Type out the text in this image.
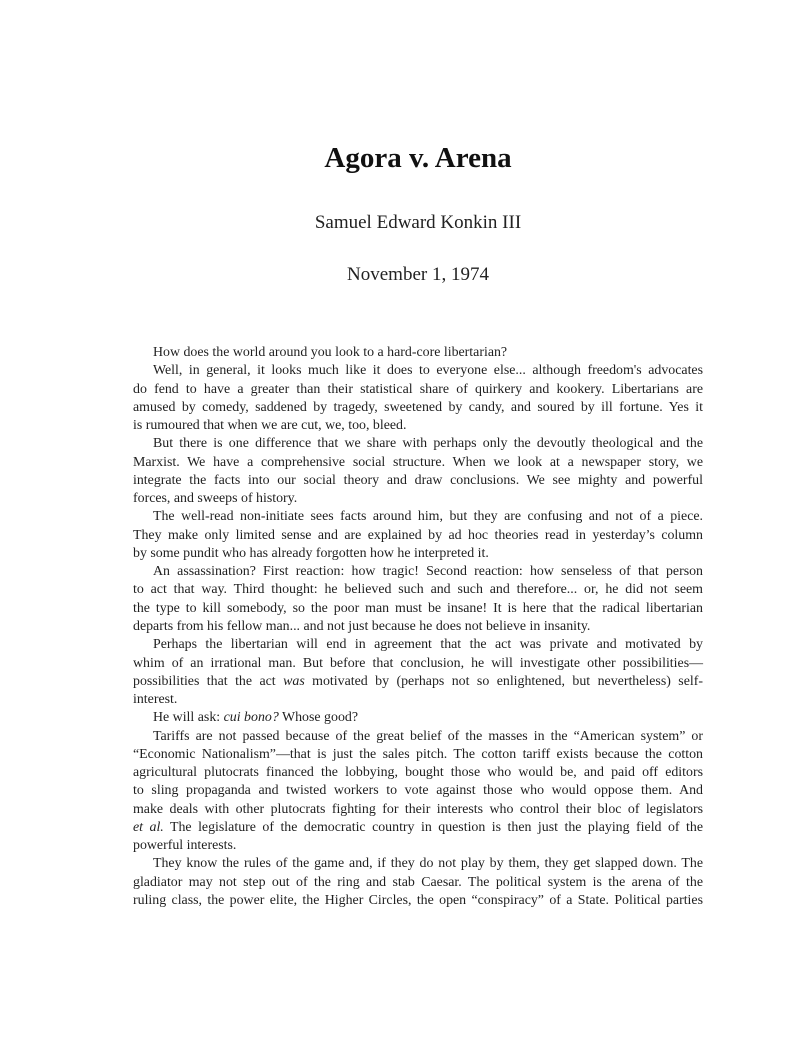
Agora v. Arena
Samuel Edward Konkin III
November 1, 1974
How does the world around you look to a hard-core libertarian?
Well, in general, it looks much like it does to everyone else... although freedom's advocates
do fend to have a greater than their statistical share of quirkery and kookery. Libertarians are
amused by comedy, saddened by tragedy, sweetened by candy, and soured by ill fortune. Yes it
is rumoured that when we are cut, we, too, bleed.
But there is one difference that we share with perhaps only the devoutly theological and the
Marxist. We have a comprehensive social structure. When we look at a newspaper story, we
integrate the facts into our social theory and draw conclusions. We see mighty and powerful
forces, and sweeps of history.
The well-read non-initiate sees facts around him, but they are confusing and not of a piece.
They make only limited sense and are explained by ad hoc theories read in yesterday’s column
by some pundit who has already forgotten how he interpreted it.
An assassination? First reaction: how tragic! Second reaction: how senseless of that person
to act that way. Third thought: he believed such and such and therefore... or, he did not seem
the type to kill somebody, so the poor man must be insane! It is here that the radical libertarian
departs from his fellow man... and not just because he does not believe in insanity.
Perhaps the libertarian will end in agreement that the act was private and motivated by
whim of an irrational man. But before that conclusion, he will investigate other possibilities—
possibilities that the act was motivated by (perhaps not so enlightened, but nevertheless) self-
interest.
He will ask: cui bono? Whose good?
Tariffs are not passed because of the great belief of the masses in the “American system” or
“Economic Nationalism”—that is just the sales pitch. The cotton tariff exists because the cotton
agricultural plutocrats financed the lobbying, bought those who would be, and paid off editors
to sling propaganda and twisted workers to vote against those who would oppose them. And
make deals with other plutocrats fighting for their interests who control their bloc of legislators
et al. The legislature of the democratic country in question is then just the playing field of the
powerful interests.
They know the rules of the game and, if they do not play by them, they get slapped down. The
gladiator may not step out of the ring and stab Caesar. The political system is the arena of the
ruling class, the power elite, the Higher Circles, the open “conspiracy” of a State. Political parties
